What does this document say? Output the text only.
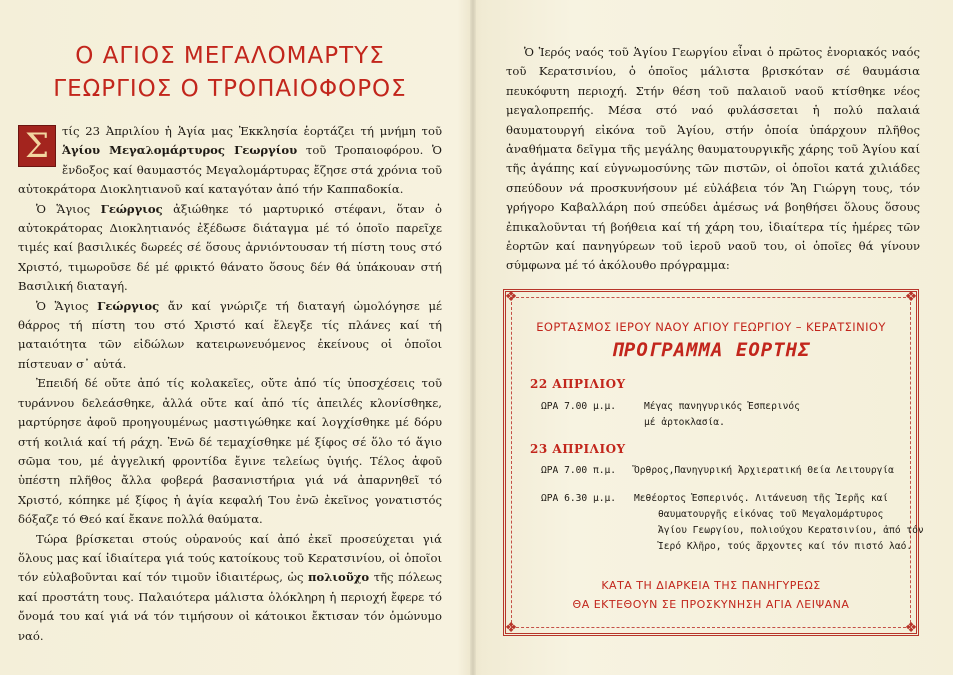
Ο ΑΓΙΟΣ ΜΕΓΑΛΟΜΑΡΤΥΣ
ΓΕΩΡΓΙΟΣ Ο ΤΡΟΠΑΙΟΦΟΡΟΣ

Σ	τίς 23 Ἀπριλίου ἡ Ἁγία μας Ἐκκλησία ἑορτάζει τή μνήμη τοῦ Ἁγίου Μεγαλομάρτυρος Γεωργίου τοῦ Τροπαιοφόρου. Ὁ ἔνδοξος καί θαυμαστός Μεγαλομάρτυρας ἔζησε στά χρόνια τοῦ αὐτοκράτορα Διοκλητιανοῦ καί καταγόταν ἀπό τήν Καππαδοκία.

Ὁ Ἅγιος Γεώργιος ἀξιώθηκε τό μαρτυρικό στέφανι, ὅταν ὁ αὐτοκράτορας Διοκλητιανός ἐξέδωσε διάταγμα μέ τό ὁποῖο παρεῖχε τιμές καί βασιλικές δωρεές σέ ὅσους ἀρνιόντουσαν τή πίστη τους στό Χριστό, τιμωροῦσε δέ μέ φρικτό θάνατο ὅσους δέν θά ὑπάκουαν στή Βασιλική διαταγή.

Ὁ Ἅγιος Γεώργιος ἄν καί γνώριζε τή διαταγή ὡμολόγησε μέ θάρρος τή πίστη του στό Χριστό καί ἔλεγξε τίς πλάνες καί τή ματαιότητα τῶν εἰδώλων κατειρωνευόμενος ἐκείνους οἱ ὁποῖοι πίστευαν σ᾽ αὐτά.

Ἐπειδή δέ οὔτε ἀπό τίς κολακεῖες, οὔτε ἀπό τίς ὑποσχέσεις τοῦ τυράννου δελεάσθηκε, ἀλλά οὔτε καί ἀπό τίς ἀπειλές κλονίσθηκε, μαρτύρησε ἀφοῦ προηγουμένως μαστιγώθηκε καί λογχίσθηκε μέ δόρυ στή κοιλιά καί τή ράχη. Ἐνῶ δέ τεμαχίσθηκε μέ ξίφος σέ ὅλο τό ἅγιο σῶμα του, μέ ἀγγελική φροντίδα ἔγινε τελείως ὑγιής. Τέλος ἀφοῦ ὑπέστη πλῆθος ἄλλα φοβερά βασανιστήρια γιά νά ἀπαρνηθεῖ τό Χριστό, κόπηκε μέ ξίφος ἡ ἁγία κεφαλή Του ἐνῶ ἐκεῖνος γονατιστός δόξαζε τό Θεό καί ἔκανε πολλά θαύματα.

Τώρα βρίσκεται στούς οὐρανούς καί ἀπό ἐκεῖ προσεύχεται γιά ὅλους μας καί ἰδιαίτερα γιά τούς κατοίκους τοῦ Κερατσινίου, οἱ ὁποῖοι τόν εὐλαβοῦνται καί τόν τιμοῦν ἰδιαιτέρως, ὡς πολιοῦχο τῆς πόλεως καί προστάτη τους. Παλαιότερα μάλιστα ὁλόκληρη ἡ περιοχή ἔφερε τό ὄνομά του καί γιά νά τόν τιμήσουν οἱ κάτοικοι ἔκτισαν τόν ὁμώνυμο ναό.

Ὁ Ἱερός ναός τοῦ Ἁγίου Γεωργίου εἶναι ὁ πρῶτος ἐνοριακός ναός τοῦ Κερατσινίου, ὁ ὁποῖος μάλιστα βρισκόταν σέ θαυμάσια πευκόφυτη περιοχή. Στήν θέση τοῦ παλαιοῦ ναοῦ κτίσθηκε νέος μεγαλοπρεπής. Μέσα στό ναό φυλάσσεται ἡ πολύ παλαιά θαυματουργή εἰκόνα τοῦ Ἁγίου, στήν ὁποία ὑπάρχουν πλῆθος ἀναθήματα δεῖγμα τῆς μεγάλης θαυματουργικῆς χάρης τοῦ Ἁγίου καί τῆς ἀγάπης καί εὐγνωμοσύνης τῶν πιστῶν, οἱ ὁποῖοι κατά χιλιάδες σπεύδουν νά προσκυνήσουν μέ εὐλάβεια τόν Ἅη Γιώργη τους, τόν γρήγορο Καβαλλάρη πού σπεύδει ἀμέσως νά βοηθήσει ὅλους ὅσους ἐπικαλοῦνται τή βοήθεια καί τή χάρη του, ἰδιαίτερα τίς ἡμέρες τῶν ἑορτῶν καί πανηγύρεων τοῦ ἱεροῦ ναοῦ του, οἱ ὁποῖες θά γίνουν σύμφωνα μέ τό ἀκόλουθο πρόγραμμα:

❖	❖
❖	❖
ΕΟΡΤΑΣΜΟΣ ΙΕΡΟΥ ΝΑΟΥ ΑΓΙΟΥ ΓΕΩΡΓΙΟΥ – ΚΕΡΑΤΣΙΝΙΟΥ
ΠΡΟΓΡΑΜΜΑ ΕΟΡΤΗΣ
22 ΑΠΡΙΛΙΟΥ
ΩΡΑ 7.00 μ.μ.	Μέγας πανηγυρικός Ἑσπερινός
μέ ἀρτοκλασία.
23 ΑΠΡΙΛΙΟΥ
ΩΡΑ 7.00 π.μ. Ὄρθρος,Πανηγυρική Ἀρχιερατική Θεία Λειτουργία
ΩΡΑ 6.30 μ.μ. Μεθέορτος Ἑσπερινός. Λιτάνευση τῆς Ἱερῆς καί
θαυματουργῆς εἰκόνας τοῦ Μεγαλομάρτυρος
Ἁγίου Γεωργίου, πολιούχου Κερατσινίου, ἀπό τόν
Ἱερό Κλῆρο, τούς ἄρχοντες καί τόν πιστό λαό.
ΚΑΤΑ ΤΗ ΔΙΑΡΚΕΙΑ ΤΗΣ ΠΑΝΗΓΥΡΕΩΣ
ΘΑ ΕΚΤΕΘΟΥΝ ΣΕ ΠΡΟΣΚΥΝΗΣΗ ΑΓΙΑ ΛΕΙΨΑΝΑ
